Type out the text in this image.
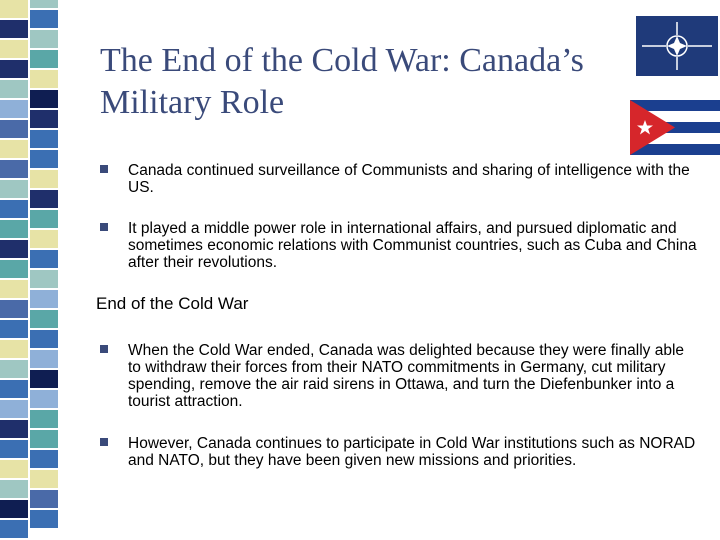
The End of the Cold War: Canada’s Military Role
Canada continued surveillance of Communists and sharing of intelligence with the US.
It played a middle power role in international affairs, and pursued diplomatic and sometimes economic relations with Communist countries, such as Cuba and China after their revolutions.
End of the Cold War
When the Cold War ended, Canada was delighted because they were finally able to withdraw their forces from their NATO commitments in Germany, cut military spending, remove the air raid sirens in Ottawa, and turn the Diefenbunker into a tourist attraction.
However, Canada continues to participate in Cold War institutions such as NORAD and NATO, but they have been given new missions and priorities.
